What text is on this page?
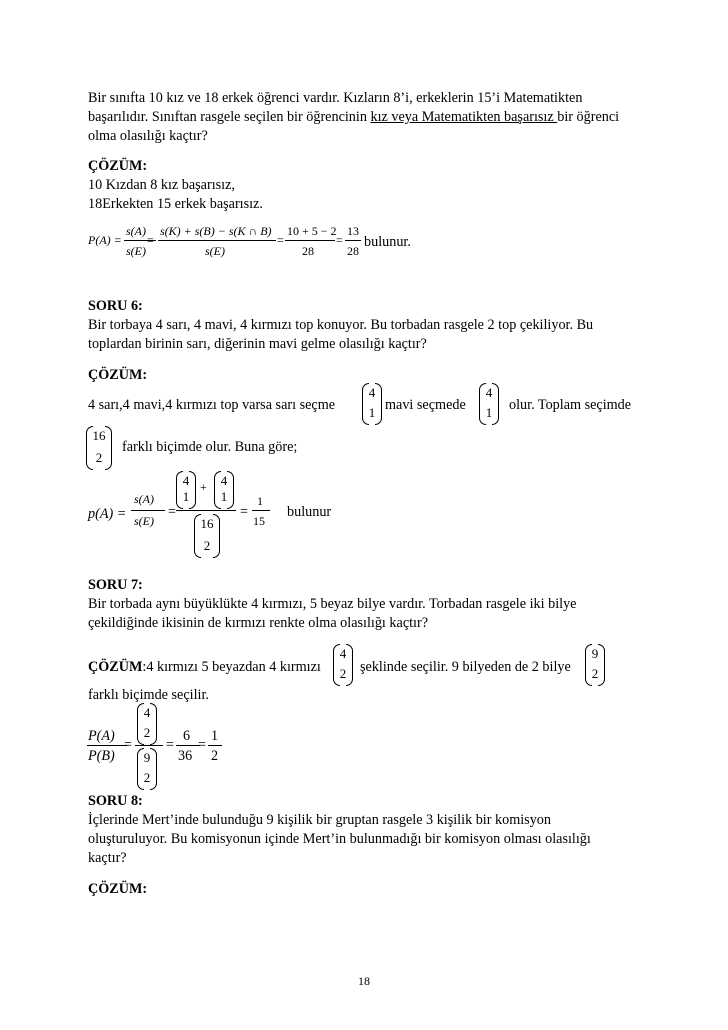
Bir sınıfta 10 kız ve 18 erkek öğrenci vardır. Kızların 8’i, erkeklerin 15’i Matematikten
başarılıdır. Sınıftan rasgele seçilen bir öğrencinin kız veya Matematikten başarısız bir öğrenci
olma olasılığı kaçtır?
ÇÖZÜM:
10 Kızdan 8 kız başarısız,
18Erkekten 15 erkek başarısız.
P(A) =
s(A)
s(E)
=
s(K) + s(B) − s(K ∩ B)
s(E)
=
10 + 5 − 2
28
=
13
28
bulunur.
SORU 6:
Bir torbaya 4 sarı, 4 mavi, 4 kırmızı top konuyor. Bu torbadan rasgele 2 top çekiliyor. Bu
toplardan birinin sarı, diğerinin mavi gelme olasılığı kaçtır?
ÇÖZÜM:
4 sarı,4 mavi,4 kırmızı top varsa sarı seçme
4
1 mavi seçmede
4
1	olur. Toplam seçimde
16
2
farklı biçimde olur. Buna göre;
p(A) =
s(A)
s(E)
=
4
1
+	4
1
16
2
=
1
15
bulunur
SORU 7:
Bir torbada aynı büyüklükte 4 kırmızı, 5 beyaz bilye vardır. Torbadan rasgele iki bilye
çekildiğinde ikisinin de kırmızı renkte olma olasılığı kaçtır?
ÇÖZÜM:4 kırmızı 5 beyazdan 4 kırmızı
4
2 şeklinde seçilir. 9 bilyeden de 2 bilye
9
2
farklı biçimde seçilir.
P(A)
P(B)
=
4
2
9
2
=
6
36
=
1
2
SORU 8:
İçlerinde Mert’inde bulunduğu 9 kişilik bir gruptan rasgele 3 kişilik bir komisyon
oluşturuluyor. Bu komisyonun içinde Mert’in bulunmadığı bir komisyon olması olasılığı
kaçtır?
ÇÖZÜM:
18
